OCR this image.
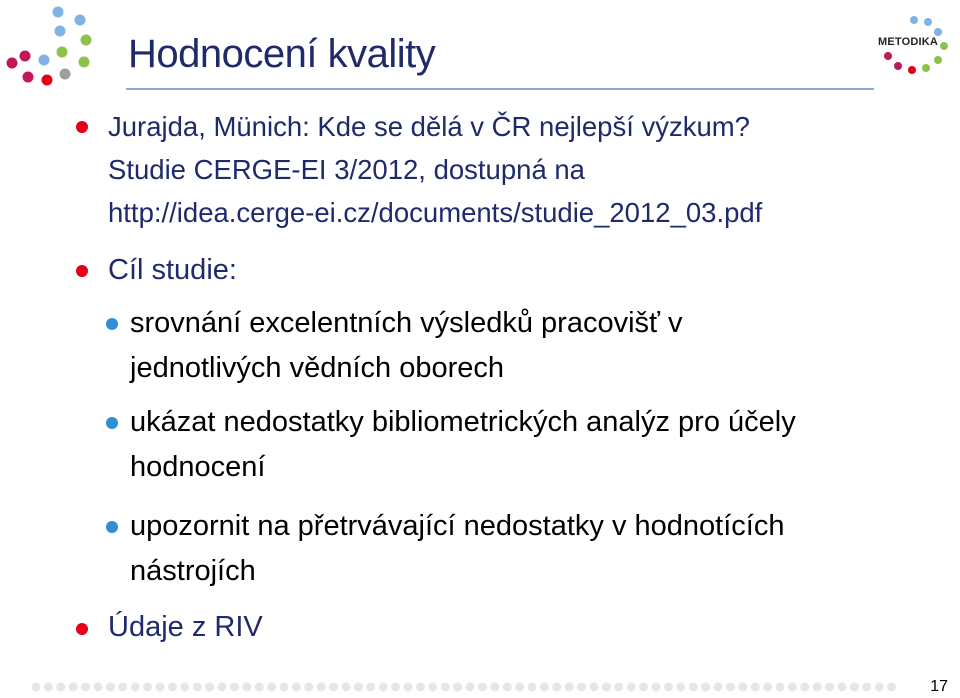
Hodnocení kvality	METODIKA
Jurajda, Münich: Kde se dělá v ČR nejlepší výzkum?
Studie CERGE-EI 3/2012, dostupná na
http://idea.cerge-ei.cz/documents/studie_2012_03.pdf
Cíl studie:
srovnání excelentních výsledků pracovišť v
jednotlivých vědních oborech
ukázat nedostatky bibliometrických analýz pro účely
hodnocení
upozornit na přetrvávající nedostatky v hodnotících
nástrojích
Údaje z RIV
17
